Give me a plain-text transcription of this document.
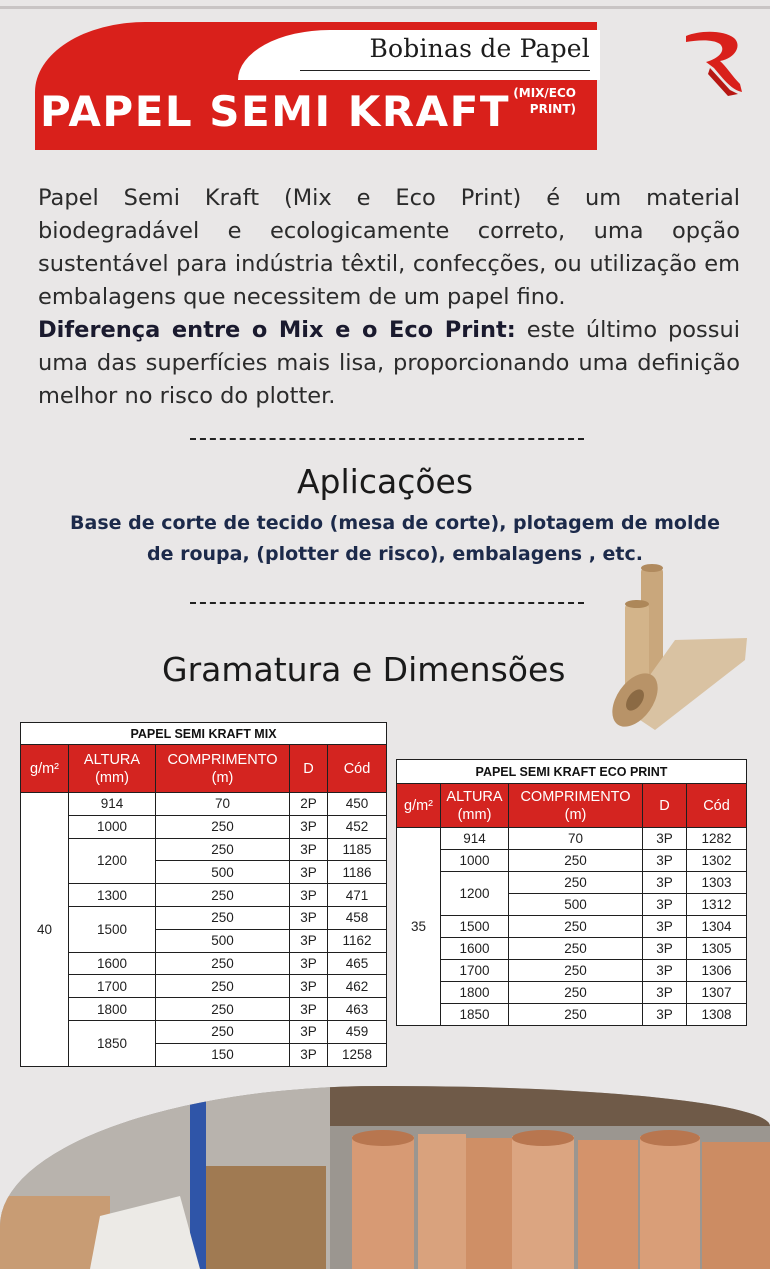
Bobinas de Papel
PAPEL SEMI KRAFT (MIX/ECO
PRINT)
Papel Semi Kraft (Mix e Eco Print) é um material biodegradável e ecologicamente correto, uma opção sustentável para indústria têxtil, confecções, ou utilização em embalagens que necessitem de um papel fino.
Diferença entre o Mix e o Eco Print: este último possui uma das superfícies mais lisa, proporcionando uma definição melhor no risco do plotter.
Aplicações
Base de corte de tecido (mesa de corte), plotagem de molde de roupa, (plotter de risco), embalagens , etc.
Gramatura e Dimensões
PAPEL SEMI KRAFT MIX				
g/m²	ALTURA (mm)	COMPRIMENTO (m)	D	Cód
40	914	70	2P	450
	1000	250	3P	452
	1200	250	3P	1185
		500	3P	1186
	1300	250	3P	471
	1500	250	3P	458
		500	3P	1162
	1600	250	3P	465
	1700	250	3P	462
	1800	250	3P	463
	1850	250	3P	459
		150	3P	1258
PAPEL SEMI KRAFT ECO PRINT				
g/m²	ALTURA (mm)	COMPRIMENTO (m)	D	Cód
35	914	70	3P	1282
	1000	250	3P	1302
	1200	250	3P	1303
		500	3P	1312
	1500	250	3P	1304
	1600	250	3P	1305
	1700	250	3P	1306
	1800	250	3P	1307
	1850	250	3P	1308
